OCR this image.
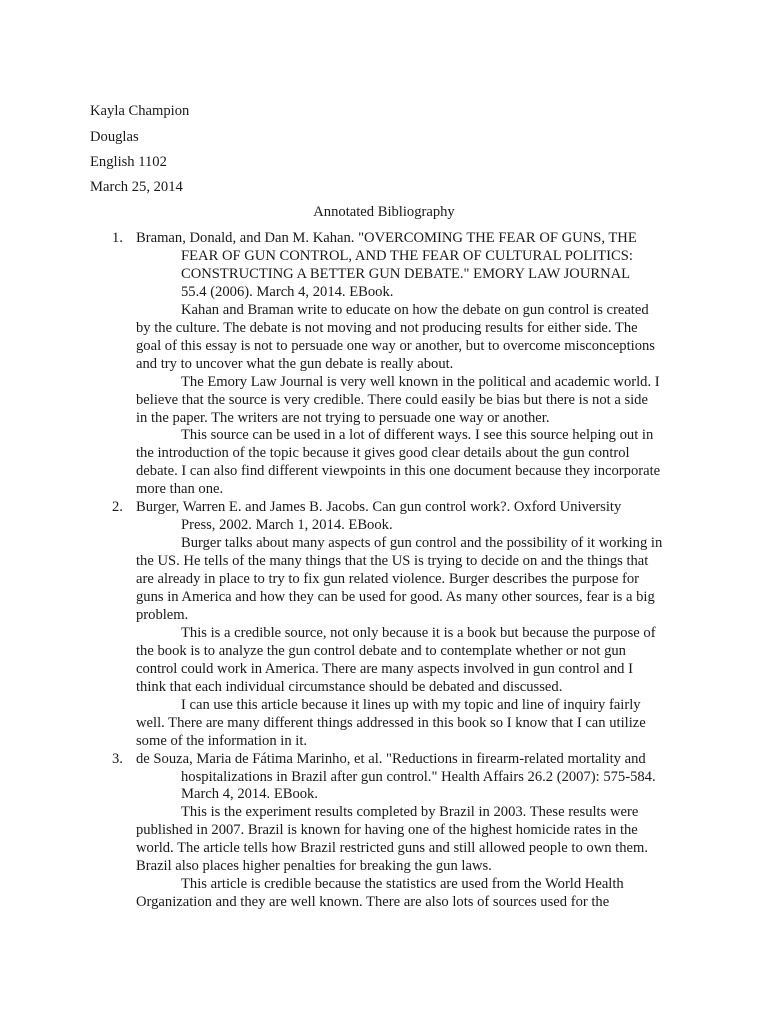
Kayla Champion
Douglas
English 1102
March 25, 2014
Annotated Bibliography
1. Braman, Donald, and Dan M. Kahan. "OVERCOMING THE FEAR OF GUNS, THE
FEAR OF GUN CONTROL, AND THE FEAR OF CULTURAL POLITICS:
CONSTRUCTING A BETTER GUN DEBATE." EMORY LAW JOURNAL
55.4 (2006). March 4, 2014. EBook.
Kahan and Braman write to educate on how the debate on gun control is created
by the culture. The debate is not moving and not producing results for either side. The
goal of this essay is not to persuade one way or another, but to overcome misconceptions
and try to uncover what the gun debate is really about.
The Emory Law Journal is very well known in the political and academic world. I
believe that the source is very credible. There could easily be bias but there is not a side
in the paper. The writers are not trying to persuade one way or another.
This source can be used in a lot of different ways. I see this source helping out in
the introduction of the topic because it gives good clear details about the gun control
debate. I can also find different viewpoints in this one document because they incorporate
more than one.
2. Burger, Warren E. and James B. Jacobs. Can gun control work?. Oxford University
Press, 2002. March 1, 2014. EBook.
Burger talks about many aspects of gun control and the possibility of it working in
the US. He tells of the many things that the US is trying to decide on and the things that
are already in place to try to fix gun related violence. Burger describes the purpose for
guns in America and how they can be used for good. As many other sources, fear is a big
problem.
This is a credible source, not only because it is a book but because the purpose of
the book is to analyze the gun control debate and to contemplate whether or not gun
control could work in America. There are many aspects involved in gun control and I
think that each individual circumstance should be debated and discussed.
I can use this article because it lines up with my topic and line of inquiry fairly
well. There are many different things addressed in this book so I know that I can utilize
some of the information in it.
3. de Souza, Maria de Fátima Marinho, et al. "Reductions in firearm-related mortality and
hospitalizations in Brazil after gun control." Health Affairs 26.2 (2007): 575-584.
March 4, 2014. EBook.
This is the experiment results completed by Brazil in 2003. These results were
published in 2007. Brazil is known for having one of the highest homicide rates in the
world. The article tells how Brazil restricted guns and still allowed people to own them.
Brazil also places higher penalties for breaking the gun laws.
This article is credible because the statistics are used from the World Health
Organization and they are well known. There are also lots of sources used for the
